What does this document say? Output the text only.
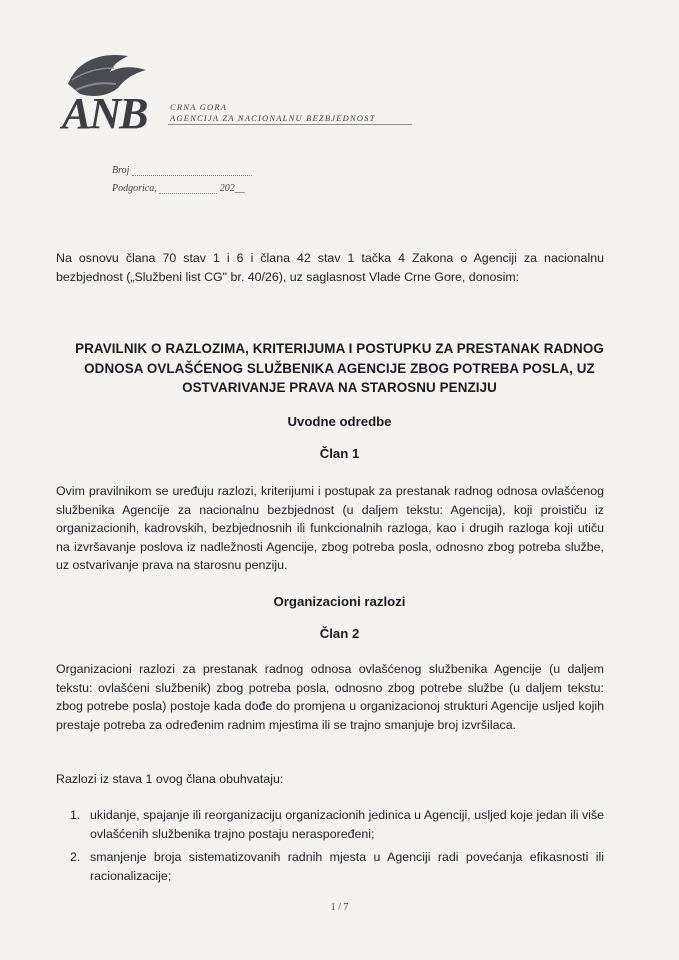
ANB	CRNA GORA
AGENCIJA ZA NACIONALNU BEZBJEDNOST
Broj
Podgorica,	202__
Na osnovu člana 70 stav 1 i 6 i člana 42 stav 1 tačka 4 Zakona o Agenciji za nacionalnu bezbjednost („Službeni list CG" br. 40/26), uz saglasnost Vlade Crne Gore, donosim:
PRAVILNIK O RAZLOZIMA, KRITERIJUMA I POSTUPKU ZA PRESTANAK RADNOG ODNOSA OVLAŠĆENOG SLUŽBENIKA AGENCIJE ZBOG POTREBA POSLA, UZ OSTVARIVANJE PRAVA NA STAROSNU PENZIJU
Uvodne odredbe
Član 1
Ovim pravilnikom se uređuju razlozi, kriterijumi i postupak za prestanak radnog odnosa ovlašćenog službenika Agencije za nacionalnu bezbjednost (u daljem tekstu: Agencija), koji proističu iz organizacionih, kadrovskih, bezbjednosnih ili funkcionalnih razloga, kao i drugih razloga koji utiču na izvršavanje poslova iz nadležnosti Agencije, zbog potreba posla, odnosno zbog potreba službe, uz ostvarivanje prava na starosnu penziju.
Organizacioni razlozi
Član 2
Organizacioni razlozi za prestanak radnog odnosa ovlašćenog službenika Agencije (u daljem tekstu: ovlašćeni službenik) zbog potreba posla, odnosno zbog potrebe službe (u daljem tekstu: zbog potrebe posla) postoje kada dođe do promjena u organizacionoj strukturi Agencije usljed kojih prestaje potreba za određenim radnim mjestima ili se trajno smanjuje broj izvršilaca.
Razlozi iz stava 1 ovog člana obuhvataju:
1. ukidanje, spajanje ili reorganizaciju organizacionih jedinica u Agenciji, usljed koje jedan ili više ovlašćenih službenika trajno postaju neraspoređeni;
2. smanjenje broja sistematizovanih radnih mjesta u Agenciji radi povećanja efikasnosti ili racionalizacije;
1 / 7
